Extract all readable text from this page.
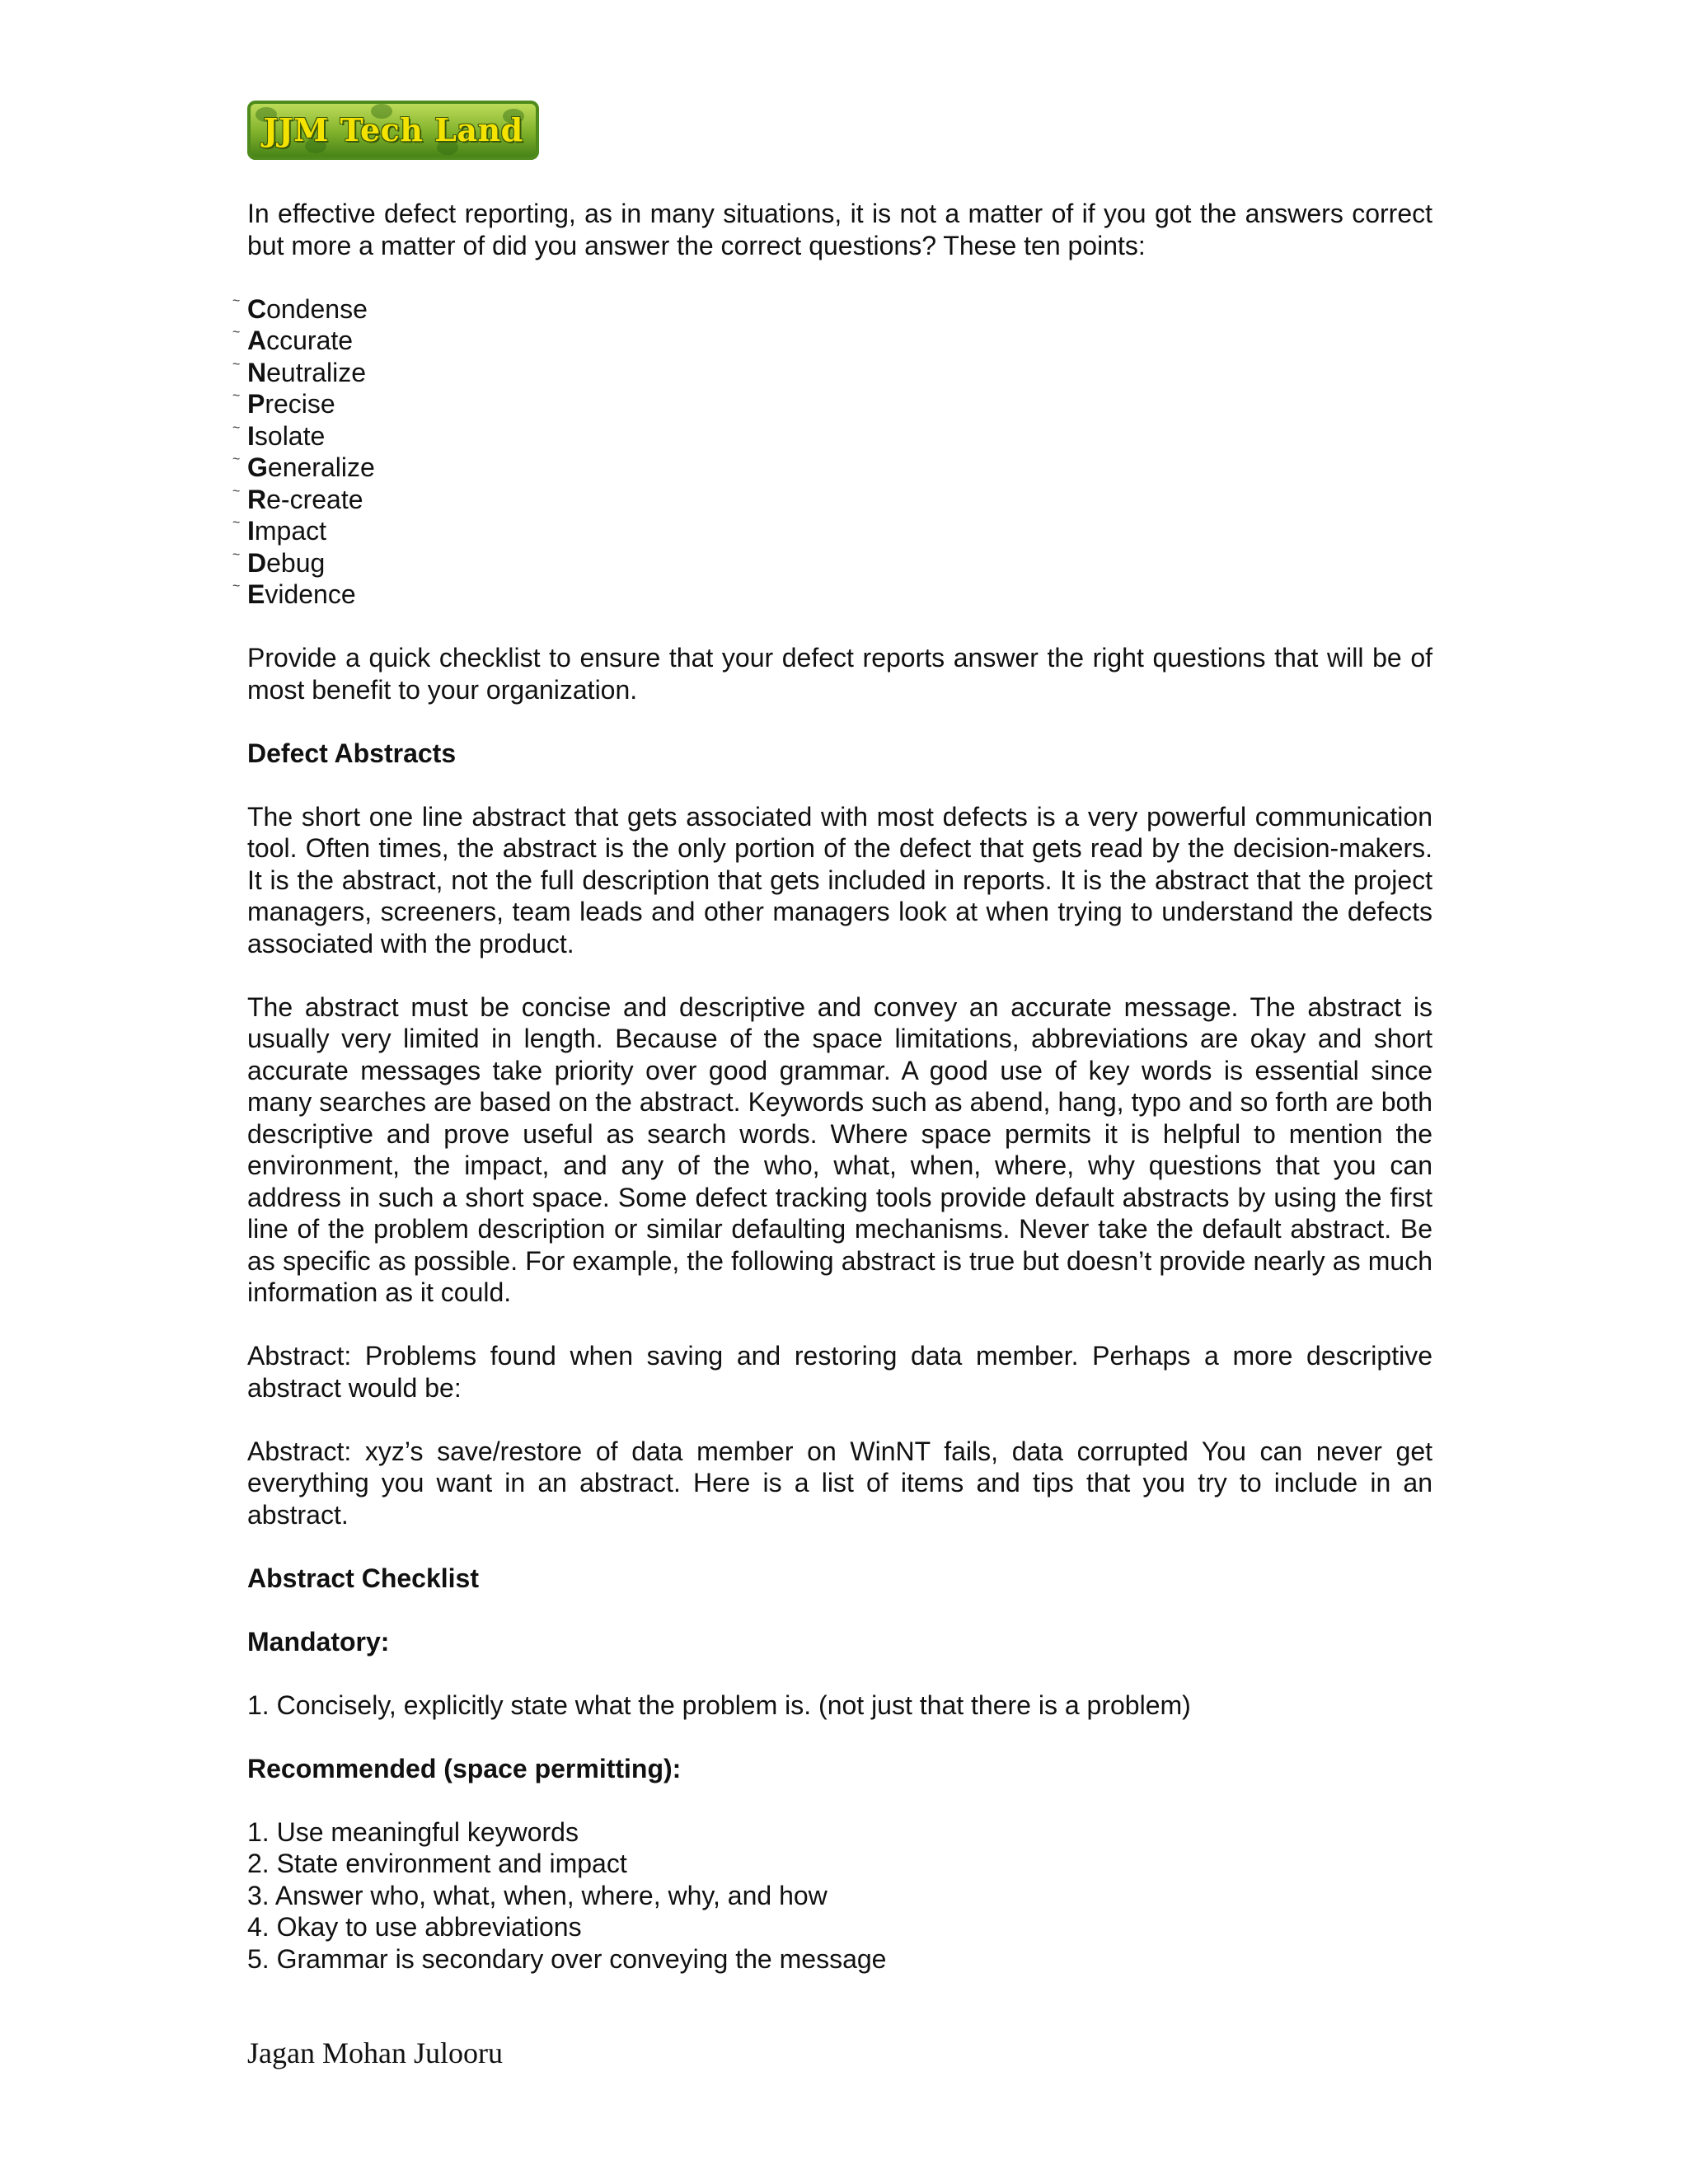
JJM Tech Land

In effective defect reporting, as in many situations, it is not a matter of if you got the answers correct but more a matter of did you answer the correct questions? These ten points:

~ Condense
~ Accurate
~ Neutralize
~ Precise
~ Isolate
~ Generalize
~ Re-create
~ Impact
~ Debug
~ Evidence

Provide a quick checklist to ensure that your defect reports answer the right questions that will be of most benefit to your organization.

Defect Abstracts

The short one line abstract that gets associated with most defects is a very powerful communication tool. Often times, the abstract is the only portion of the defect that gets read by the decision-makers. It is the abstract, not the full description that gets included in reports. It is the abstract that the project managers, screeners, team leads and other managers look at when trying to understand the defects associated with the product.

The abstract must be concise and descriptive and convey an accurate message. The abstract is usually very limited in length. Because of the space limitations, abbreviations are okay and short accurate messages take priority over good grammar. A good use of key words is essential since many searches are based on the abstract. Keywords such as abend, hang, typo and so forth are both descriptive and prove useful as search words. Where space permits it is helpful to mention the environment, the impact, and any of the who, what, when, where, why questions that you can address in such a short space. Some defect tracking tools provide default abstracts by using the first line of the problem description or similar defaulting mechanisms. Never take the default abstract. Be as specific as possible. For example, the following abstract is true but doesn’t provide nearly as much information as it could.

Abstract: Problems found when saving and restoring data member. Perhaps a more descriptive abstract would be:

Abstract: xyz’s save/restore of data member on WinNT fails, data corrupted You can never get everything you want in an abstract. Here is a list of items and tips that you try to include in an abstract.

Abstract Checklist

Mandatory:

1. Concisely, explicitly state what the problem is. (not just that there is a problem)

Recommended (space permitting):

1. Use meaningful keywords
2. State environment and impact
3. Answer who, what, when, where, why, and how
4. Okay to use abbreviations
5. Grammar is secondary over conveying the message
Jagan Mohan Julooru
